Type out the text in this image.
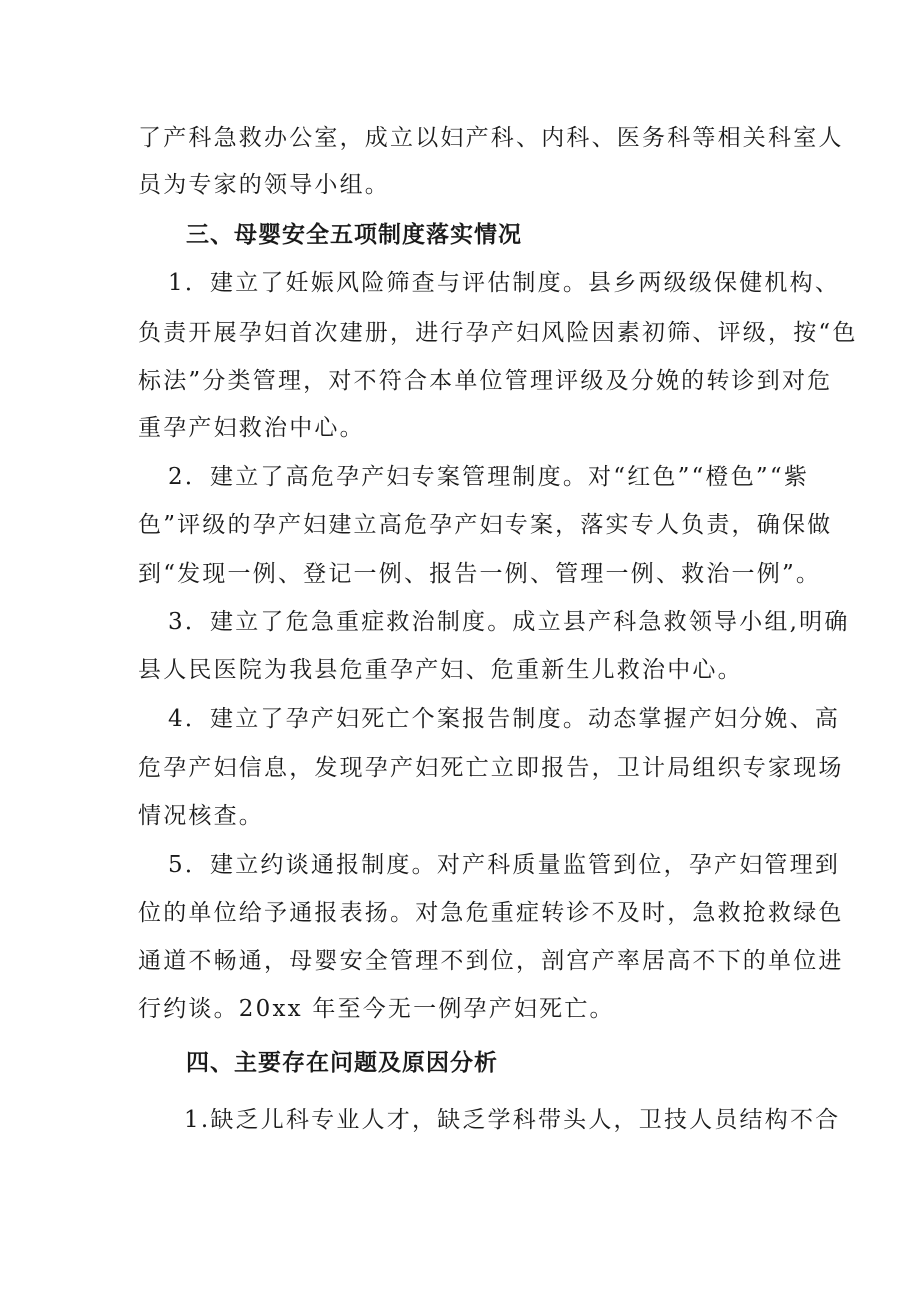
了产科急救办公室，成立以妇产科、内科、医务科等相关科室人
员为专家的领导小组。
三、母婴安全五项制度落实情况
1．建立了妊娠风险筛查与评估制度。县乡两级级保健机构、
负责开展孕妇首次建册，进行孕产妇风险因素初筛、评级，按“色
标法”分类管理，对不符合本单位管理评级及分娩的转诊到对危
重孕产妇救治中心。
2．建立了高危孕产妇专案管理制度。对“红色”“橙色”“紫
色”评级的孕产妇建立高危孕产妇专案，落实专人负责，确保做
到“发现一例、登记一例、报告一例、管理一例、救治一例”。
3．建立了危急重症救治制度。成立县产科急救领导小组,明确
县人民医院为我县危重孕产妇、危重新生儿救治中心。
4．建立了孕产妇死亡个案报告制度。动态掌握产妇分娩、高
危孕产妇信息，发现孕产妇死亡立即报告，卫计局组织专家现场
情况核查。
5．建立约谈通报制度。对产科质量监管到位，孕产妇管理到
位的单位给予通报表扬。对急危重症转诊不及时，急救抢救绿色
通道不畅通，母婴安全管理不到位，剖宫产率居高不下的单位进
行约谈。20xx 年至今无一例孕产妇死亡。
四、主要存在问题及原因分析
1.缺乏儿科专业人才，缺乏学科带头人，卫技人员结构不合
